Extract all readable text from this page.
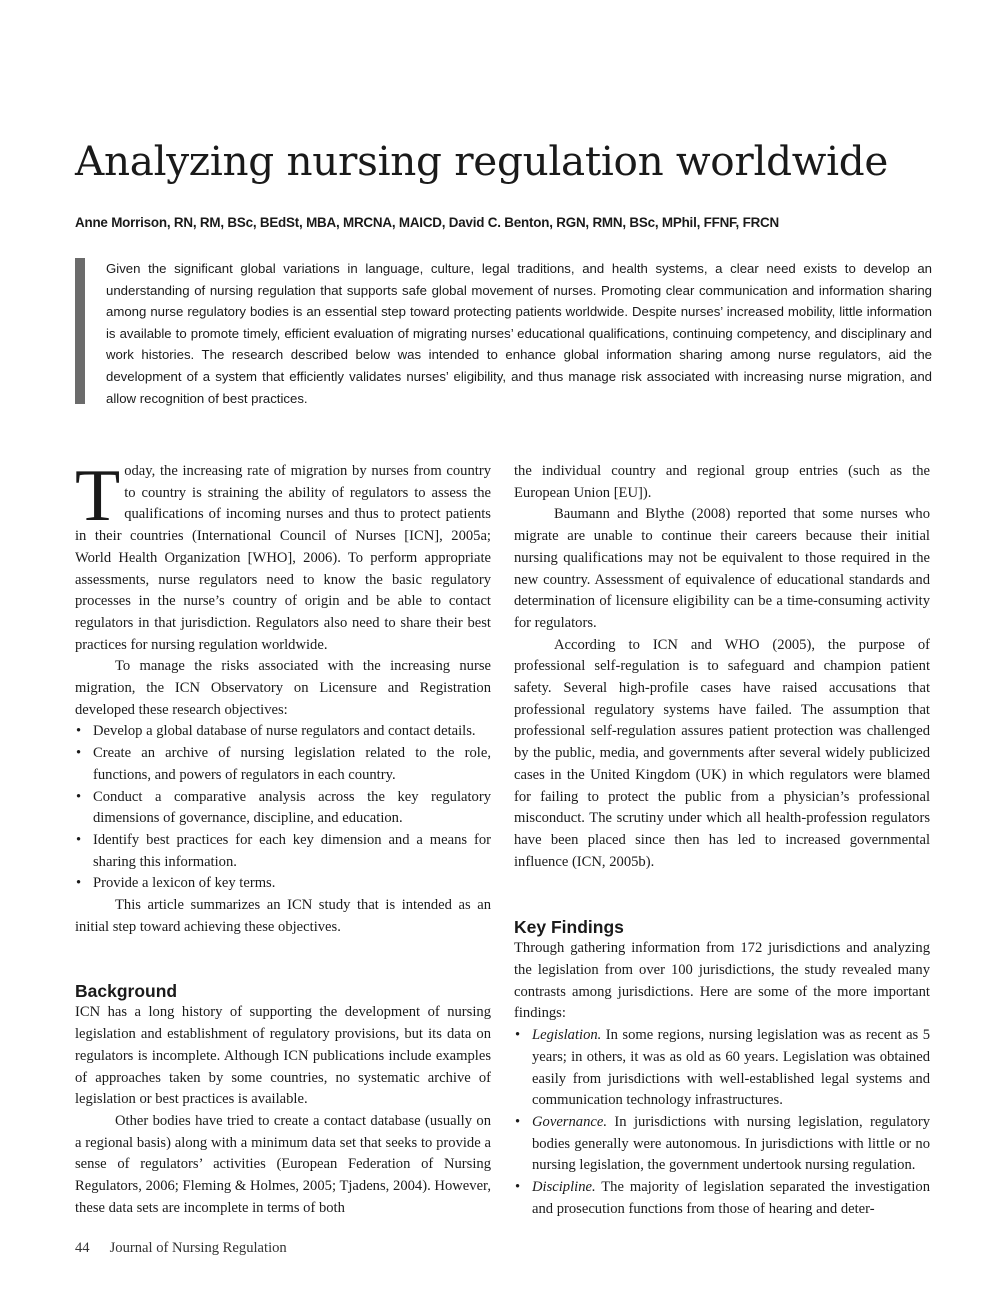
Analyzing nursing regulation worldwide
Anne Morrison, RN, RM, BSc, BEdSt, MBA, MRCNA, MAICD, David C. Benton, RGN, RMN, BSc, MPhil, FFNF, FRCN

Given the significant global variations in language, culture, legal traditions, and health systems, a clear need exists to develop an understanding of nursing regulation that supports safe global movement of nurses. Promoting clear communication and information sharing among nurse regulatory bodies is an essential step toward protecting patients worldwide. Despite nurses’ increased mobility, little information is available to promote timely, efficient evaluation of migrating nurses’ educational qualifications, continuing competency, and disciplinary and work histories. The research described below was intended to enhance global information sharing among nurse regulators, aid the development of a system that efficiently validates nurses’ eligibility, and thus manage risk associated with increasing nurse migration, and allow recognition of best practices.

Today, the increasing rate of migration by nurses from country to country is straining the ability of regulators to assess the qualifications of incoming nurses and thus to protect patients in their countries (International Council of Nurses [ICN], 2005a; World Health Organization [WHO], 2006). To perform appropriate assessments, nurse regulators need to know the basic regulatory processes in the nurse’s country of origin and be able to contact regulators in that jurisdiction. Regulators also need to share their best practices for nursing regulation worldwide.

To manage the risks associated with the increasing nurse migration, the ICN Observatory on Licensure and Registration developed these research objectives:

• Develop a global database of nurse regulators and contact details.
• Create an archive of nursing legislation related to the role, functions, and powers of regulators in each country.
• Conduct a comparative analysis across the key regulatory dimensions of governance, discipline, and education.
• Identify best practices for each key dimension and a means for sharing this information.
• Provide a lexicon of key terms.

This article summarizes an ICN study that is intended as an initial step toward achieving these objectives.

Background

ICN has a long history of supporting the development of nursing legislation and establishment of regulatory provisions, but its data on regulators is incomplete. Although ICN publications include examples of approaches taken by some countries, no systematic archive of legislation or best practices is available.

Other bodies have tried to create a contact database (usually on a regional basis) along with a minimum data set that seeks to provide a sense of regulators’ activities (European Federation of Nursing Regulators, 2006; Fleming & Holmes, 2005; Tjadens, 2004). However, these data sets are incomplete in terms of both

the individual country and regional group entries (such as the European Union [EU]).

Baumann and Blythe (2008) reported that some nurses who migrate are unable to continue their careers because their initial nursing qualifications may not be equivalent to those required in the new country. Assessment of equivalence of educational standards and determination of licensure eligibility can be a time-consuming activity for regulators.

According to ICN and WHO (2005), the purpose of professional self-regulation is to safeguard and champion patient safety. Several high-profile cases have raised accusations that professional regulatory systems have failed. The assumption that professional self-regulation assures patient protection was challenged by the public, media, and governments after several widely publicized cases in the United Kingdom (UK) in which regulators were blamed for failing to protect the public from a physician’s professional misconduct. The scrutiny under which all health-profession regulators have been placed since then has led to increased governmental influence (ICN, 2005b).

Key Findings

Through gathering information from 172 jurisdictions and analyzing the legislation from over 100 jurisdictions, the study revealed many contrasts among jurisdictions. Here are some of the more important findings:

• Legislation. In some regions, nursing legislation was as recent as 5 years; in others, it was as old as 60 years. Legislation was obtained easily from jurisdictions with well-established legal systems and communication technology infrastructures.
• Governance. In jurisdictions with nursing legislation, regulatory bodies generally were autonomous. In jurisdictions with little or no nursing legislation, the government undertook nursing regulation.
• Discipline. The majority of legislation separated the investigation and prosecution functions from those of hearing and deter-
44 Journal of Nursing Regulation
